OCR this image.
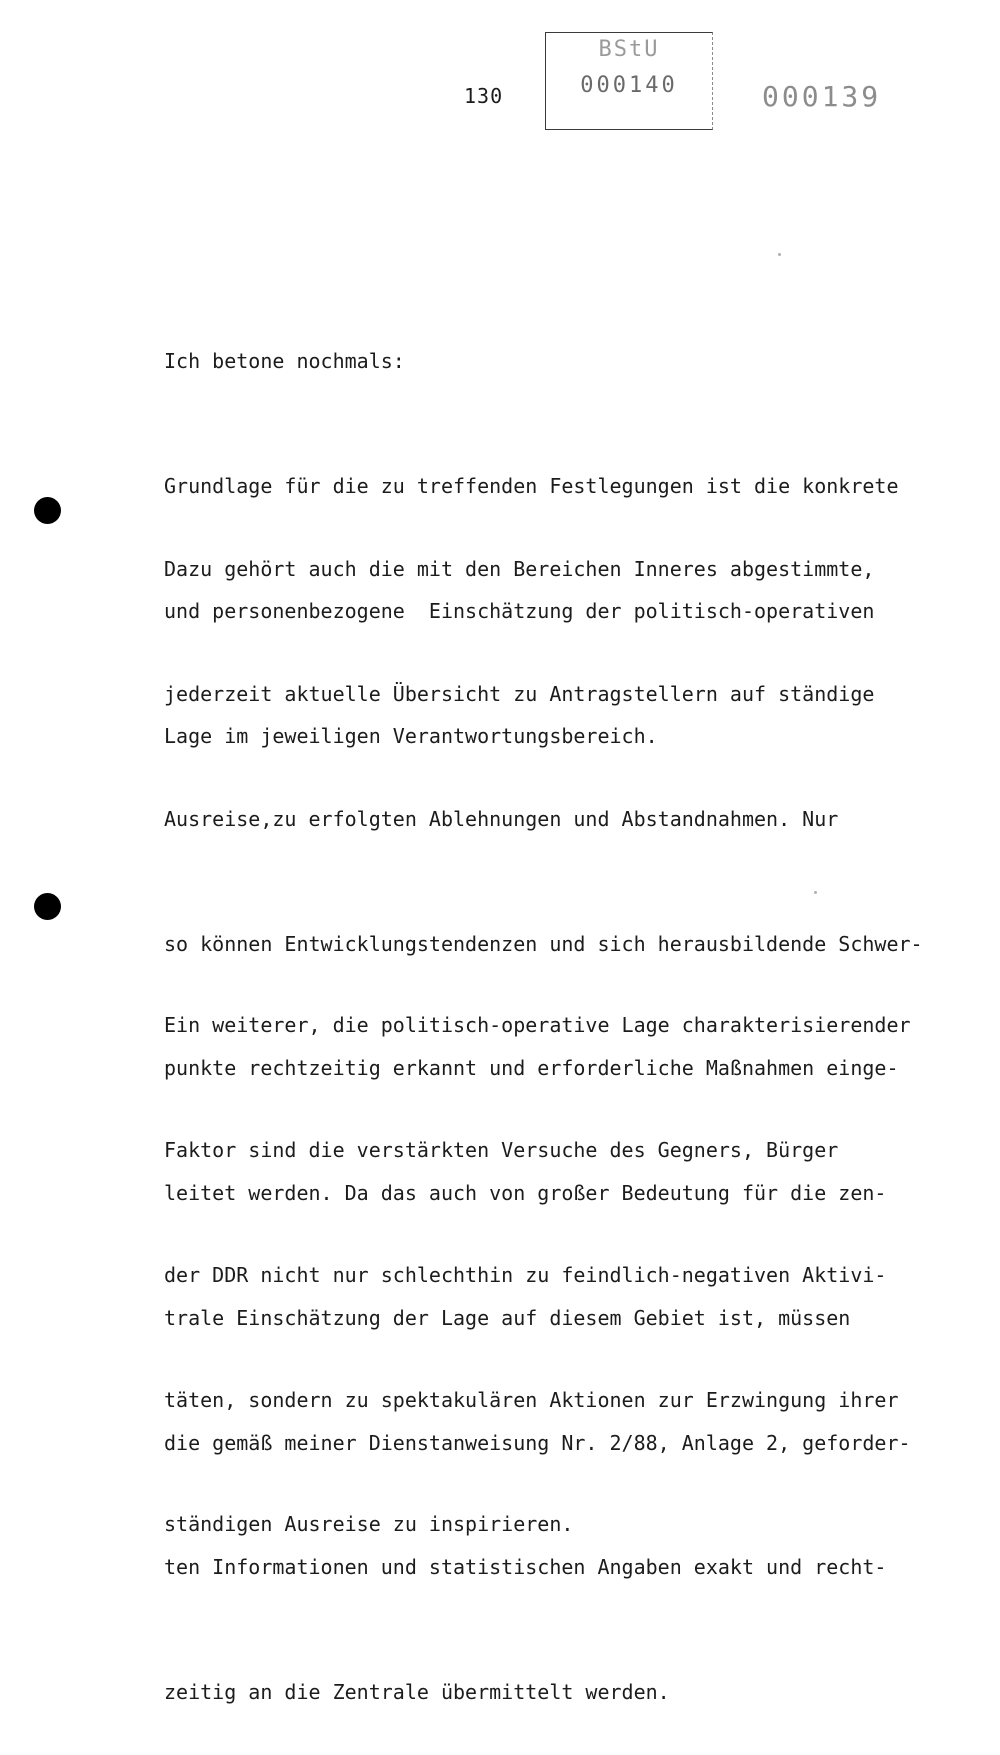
130
BStU
000140	000139

Ich betone nochmals:

Grundlage für die zu treffenden Festlegungen ist die konkrete

und personenbezogene  Einschätzung der politisch-operativen

Lage im jeweiligen Verantwortungsbereich.

Dazu gehört auch die mit den Bereichen Inneres abgestimmte,

jederzeit aktuelle Übersicht zu Antragstellern auf ständige

Ausreise,zu erfolgten Ablehnungen und Abstandnahmen. Nur

so können Entwicklungstendenzen und sich herausbildende Schwer-

punkte rechtzeitig erkannt und erforderliche Maßnahmen einge-

leitet werden. Da das auch von großer Bedeutung für die zen-

trale Einschätzung der Lage auf diesem Gebiet ist, müssen

die gemäß meiner Dienstanweisung Nr. 2/88, Anlage 2, geforder-

ten Informationen und statistischen Angaben exakt und recht-

zeitig an die Zentrale übermittelt werden.

Ein weiterer, die politisch-operative Lage charakterisierender

Faktor sind die verstärkten Versuche des Gegners, Bürger

der DDR nicht nur schlechthin zu feindlich-negativen Aktivi-

täten, sondern zu spektakulären Aktionen zur Erzwingung ihrer

ständigen Ausreise zu inspirieren.
